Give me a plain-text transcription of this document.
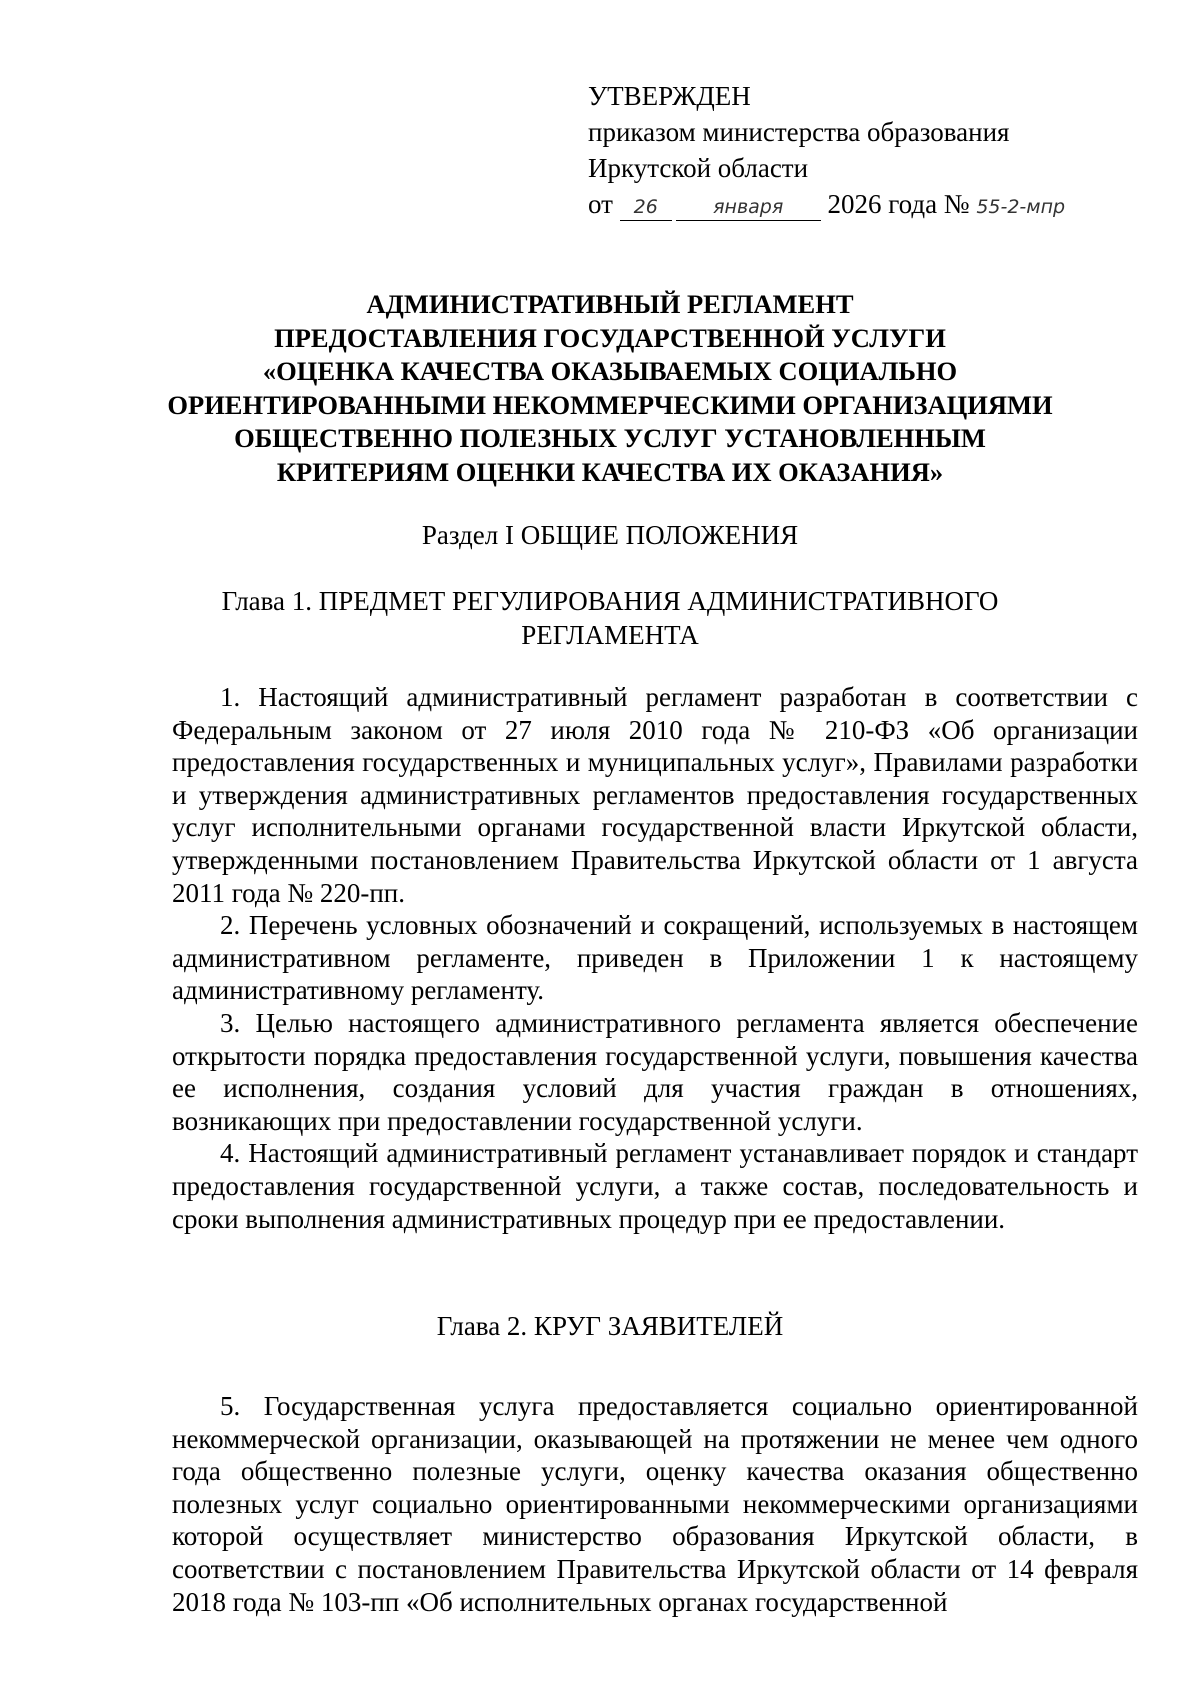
УТВЕРЖДЕН
приказом министерства образования
Иркутской области
от 26	января 2026 года № 55-2-мпр
АДМИНИСТРАТИВНЫЙ РЕГЛАМЕНТ
ПРЕДОСТАВЛЕНИЯ ГОСУДАРСТВЕННОЙ УСЛУГИ
«ОЦЕНКА КАЧЕСТВА ОКАЗЫВАЕМЫХ СОЦИАЛЬНО
ОРИЕНТИРОВАННЫМИ НЕКОММЕРЧЕСКИМИ ОРГАНИЗАЦИЯМИ
ОБЩЕСТВЕННО ПОЛЕЗНЫХ УСЛУГ УСТАНОВЛЕННЫМ
КРИТЕРИЯМ ОЦЕНКИ КАЧЕСТВА ИХ ОКАЗАНИЯ»
Раздел I ОБЩИЕ ПОЛОЖЕНИЯ
Глава 1. ПРЕДМЕТ РЕГУЛИРОВАНИЯ АДМИНИСТРАТИВНОГО
РЕГЛАМЕНТА

1. Настоящий административный регламент разработан в соответствии с Федеральным законом от 27 июля 2010 года № 210-ФЗ «Об организации предоставления государственных и муниципальных услуг», Правилами разработки и утверждения административных регламентов предоставления государственных услуг исполнительными органами государственной власти Иркутской области, утвержденными постановлением Правительства Иркутской области от 1 августа 2011 года № 220-пп.

2. Перечень условных обозначений и сокращений, используемых в настоящем административном регламенте, приведен в Приложении 1 к настоящему административному регламенту.

3. Целью настоящего административного регламента является обеспечение открытости порядка предоставления государственной услуги, повышения качества ее исполнения, создания условий для участия граждан в отношениях, возникающих при предоставлении государственной услуги.

4. Настоящий административный регламент устанавливает порядок и стандарт предоставления государственной услуги, а также состав, последовательность и сроки выполнения административных процедур при ее предоставлении.

Глава 2. КРУГ ЗАЯВИТЕЛЕЙ

5. Государственная услуга предоставляется социально ориентированной некоммерческой организации, оказывающей на протяжении не менее чем одного года общественно полезные услуги, оценку качества оказания общественно полезных услуг социально ориентированными некоммерческими организациями которой осуществляет министерство образования Иркутской области, в соответствии с постановлением Правительства Иркутской области от 14 февраля 2018 года № 103-пп «Об исполнительных органах государственной
